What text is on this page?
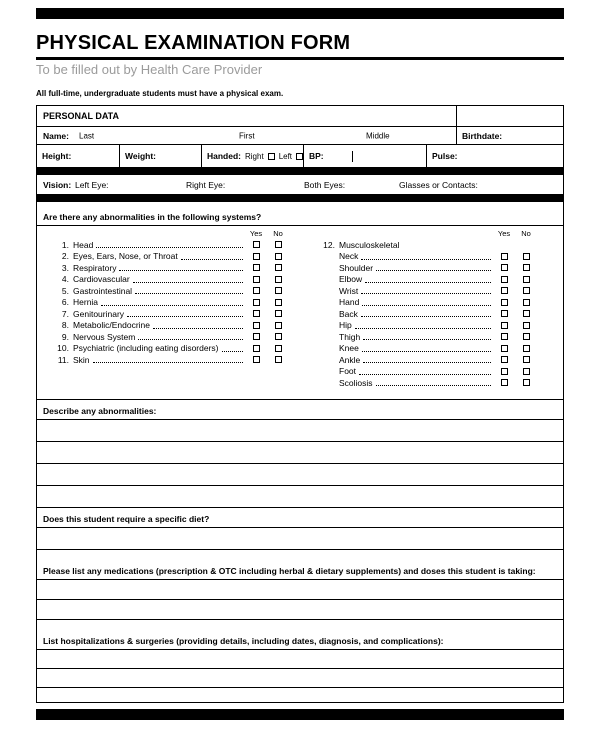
PHYSICAL EXAMINATION FORM
To be filled out by Health Care Provider
All full-time, undergraduate students must have a physical exam.
PERSONAL DATA
Name: Last	First	Middle	Birthdate:
Height:	Weight:	Handed: Right Left BP:	Pulse:
Vision: Left Eye:	Right Eye:	Both Eyes:	Glasses or Contacts:
Are there any abnormalities in the following systems?
Yes	No
1. Head
2. Eyes, Ears, Nose, or Throat
3. Respiratory
4. Cardiovascular
5. Gastrointestinal
6. Hernia
7. Genitourinary
8. Metabolic/Endocrine
9. Nervous System
10. Psychiatric (including eating disorders)
11. Skin
Yes	No
12. Musculoskeletal
Neck
Shoulder
Elbow
Wrist
Hand
Back
Hip
Thigh
Knee
Ankle
Foot
Scoliosis
Describe any abnormalities:
Does this student require a specific diet?
Please list any medications (prescription & OTC including herbal & dietary supplements) and doses this student is taking:
List hospitalizations & surgeries (providing details, including dates, diagnosis, and complications):
